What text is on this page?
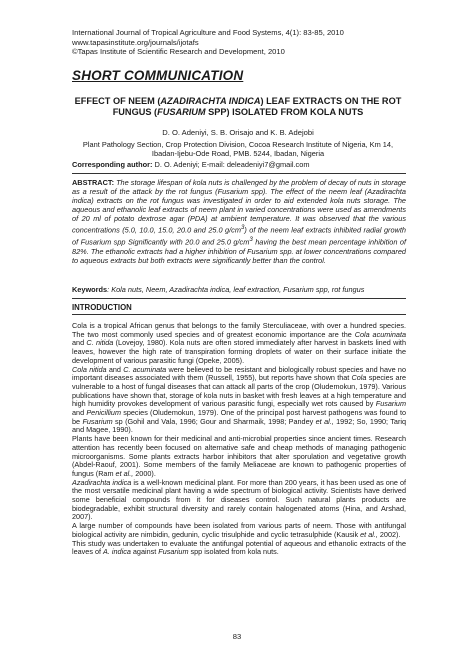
International Journal of Tropical Agriculture and Food Systems, 4(1): 83-85, 2010
www.tapasinstitute.org/journals/ijotafs
©Tapas Institute of Scientific Research and Development, 2010
SHORT COMMUNICATION
EFFECT OF NEEM (AZADIRACHTA INDICA) LEAF EXTRACTS ON THE ROT
FUNGUS (FUSARIUM SPP) ISOLATED FROM KOLA NUTS
D. O. Adeniyi, S. B. Orisajo and K. B. Adejobi
Plant Pathology Section, Crop Protection Division, Cocoa Research Institute of Nigeria, Km 14,
Ibadan-Ijebu-Ode Road, PMB. 5244, Ibadan, Nigeria
Corresponding author: D. O. Adeniyi; E-mail: deleadeniyi7@gmail.com
ABSTRACT: The storage lifespan of kola nuts is challenged by the problem of decay of nuts in storage as a result of the attack by the rot fungus (Fusarium spp). The effect of the neem leaf (Azadirachta indica) extracts on the rot fungus was investigated in order to aid extended kola nuts storage. The aqueous and ethanolic leaf extracts of neem plant in varied concentrations were used as amendments of 20 ml of potato dextrose agar (PDA) at ambient temperature. It was observed that the various concentrations (5.0, 10.0, 15.0, 20.0 and 25.0 $g/cm^3$) of the neem leaf extracts inhibited radial growth of Fusarium spp Significantly with 20.0 and 25.0 $g/cm^3$ having the best mean percentage inhibition of 82%. The ethanolic extracts had a higher inhibition of Fusarium spp. at lower concentrations compared to aqueous extracts but both extracts were significantly better than the control.
Keywords: Kola nuts, Neem, Azadirachta indica, leaf extraction, Fusarium spp, rot fungus
INTRODUCTION

Cola is a tropical African genus that belongs to the family Sterculiaceae, with over a hundred species. The two most commonly used species and of greatest economic importance are the Cola acuminata and C. nitida (Lovejoy, 1980). Kola nuts are often stored immediately after harvest in baskets lined with leaves, however the high rate of transpiration forming droplets of water on their surface initiate the development of various parasitic fungi (Opeke, 2005).

Cola nitida and C. acuminata were believed to be resistant and biologically robust species and have no important diseases associated with them (Russell, 1955), but reports have shown that Cola species are vulnerable to a host of fungal diseases that can attack all parts of the crop (Oludemokun, 1979). Various publications have shown that, storage of kola nuts in basket with fresh leaves at a high temperature and high humidity provokes development of various parasitic fungi, especially wet rots caused by Fusarium and Penicillium species (Oludemokun, 1979). One of the principal post harvest pathogens was found to be Fusarium sp (Gohil and Vala, 1996; Gour and Sharmaik, 1998; Pandey et al., 1992; So, 1990; Tariq and Magee, 1990).

Plants have been known for their medicinal and anti-microbial properties since ancient times. Research attention has recently been focused on alternative safe and cheap methods of managing pathogenic microorganisms. Some plants extracts harbor inhibitors that alter sporulation and vegetative growth (Abdel-Raouf, 2001). Some members of the family Meliaceae are known to pathogenic properties of fungus (Ram et al., 2000).

Azadirachta indica is a well-known medicinal plant. For more than 200 years, it has been used as one of the most versatile medicinal plant having a wide spectrum of biological activity. Scientists have derived some beneficial compounds from it for diseases control. Such natural plants products are biodegradable, exhibit structural diversity and rarely contain halogenated atoms (Hina, and Arshad, 2007).

A large number of compounds have been isolated from various parts of neem. Those with antifungal biological activity are nimbidin, gedunin, cyclic trisulphide and cyclic tetrasulphide (Kausik et al., 2002).

This study was undertaken to evaluate the antifungal potential of aqueous and ethanolic extracts of the leaves of A. indica against Fusarium spp isolated from kola nuts.

83
